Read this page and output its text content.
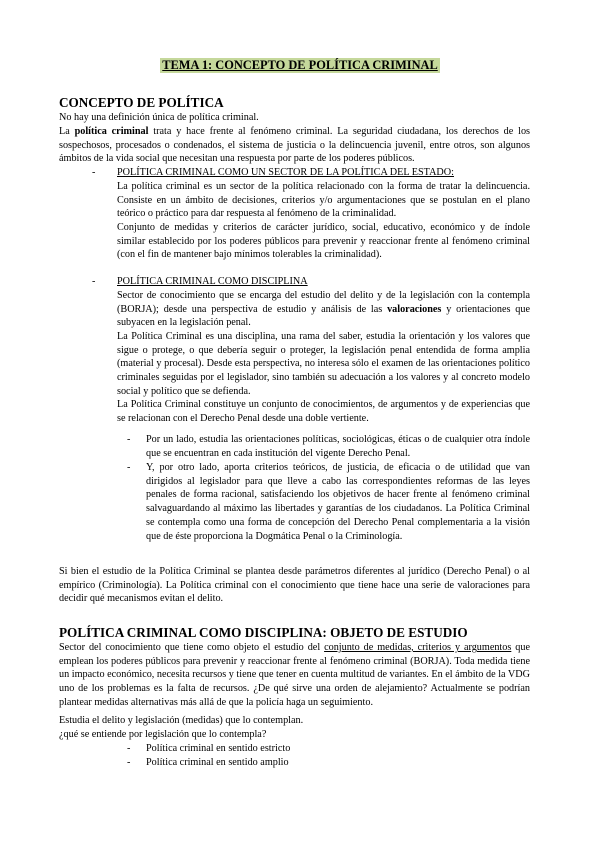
TEMA 1: CONCEPTO DE POLÍTICA CRIMINAL
CONCEPTO DE POLÍTICA
No hay una definición única de política criminal.
La política criminal trata y hace frente al fenómeno criminal. La seguridad ciudadana, los derechos de los sospechosos, procesados o condenados, el sistema de justicia o la delincuencia juvenil, entre otros, son algunos ámbitos de la vida social que necesitan una respuesta por parte de los poderes públicos.
- POLÍTICA CRIMINAL COMO UN SECTOR DE LA POLÍTICA DEL ESTADO:
La política criminal es un sector de la política relacionado con la forma de tratar la delincuencia. Consiste en un ámbito de decisiones, criterios y/o argumentaciones que se postulan en el plano teórico o práctico para dar respuesta al fenómeno de la criminalidad.
Conjunto de medidas y criterios de carácter jurídico, social, educativo, económico y de índole similar establecido por los poderes públicos para prevenir y reaccionar frente al fenómeno criminal (con el fin de mantener bajo mínimos tolerables la criminalidad).
- POLÍTICA CRIMINAL COMO DISCIPLINA
Sector de conocimiento que se encarga del estudio del delito y de la legislación con la contempla (BORJA); desde una perspectiva de estudio y análisis de las valoraciones y orientaciones que subyacen en la legislación penal.
La Política Criminal es una disciplina, una rama del saber, estudia la orientación y los valores que sigue o protege, o que debería seguir o proteger, la legislación penal entendida de forma amplia (material y procesal). Desde esta perspectiva, no interesa sólo el examen de las orientaciones político criminales seguidas por el legislador, sino también su adecuación a los valores y al concreto modelo social y político que se defienda.
La Política Criminal constituye un conjunto de conocimientos, de argumentos y de experiencias que se relacionan con el Derecho Penal desde una doble vertiente.
- Por un lado, estudia las orientaciones políticas, sociológicas, éticas o de cualquier otra índole que se encuentran en cada institución del vigente Derecho Penal.
- Y, por otro lado, aporta criterios teóricos, de justicia, de eficacia o de utilidad que van dirigidos al legislador para que lleve a cabo las correspondientes reformas de las leyes penales de forma racional, satisfaciendo los objetivos de hacer frente al fenómeno criminal salvaguardando al máximo las libertades y garantías de los ciudadanos. La Política Criminal se contempla como una forma de concepción del Derecho Penal complementaria a la visión que de éste proporciona la Dogmática Penal o la Criminología.
Si bien el estudio de la Política Criminal se plantea desde parámetros diferentes al jurídico (Derecho Penal) o al empírico (Criminología). La Política criminal con el conocimiento que tiene hace una serie de valoraciones para decidir qué mecanismos evitan el delito.
POLÍTICA CRIMINAL COMO DISCIPLINA: OBJETO DE ESTUDIO
Sector del conocimiento que tiene como objeto el estudio del conjunto de medidas, criterios y argumentos que emplean los poderes públicos para prevenir y reaccionar frente al fenómeno criminal (BORJA). Toda medida tiene un impacto económico, necesita recursos y tiene que tener en cuenta multitud de variantes. En el ámbito de la VDG uno de los problemas es la falta de recursos. ¿De qué sirve una orden de alejamiento? Actualmente se podrían plantear medidas alternativas más allá de que la policía haga un seguimiento.
Estudia el delito y legislación (medidas) que lo contemplan.
¿qué se entiende por legislación que lo contempla?
- Política criminal en sentido estricto
- Política criminal en sentido amplio
